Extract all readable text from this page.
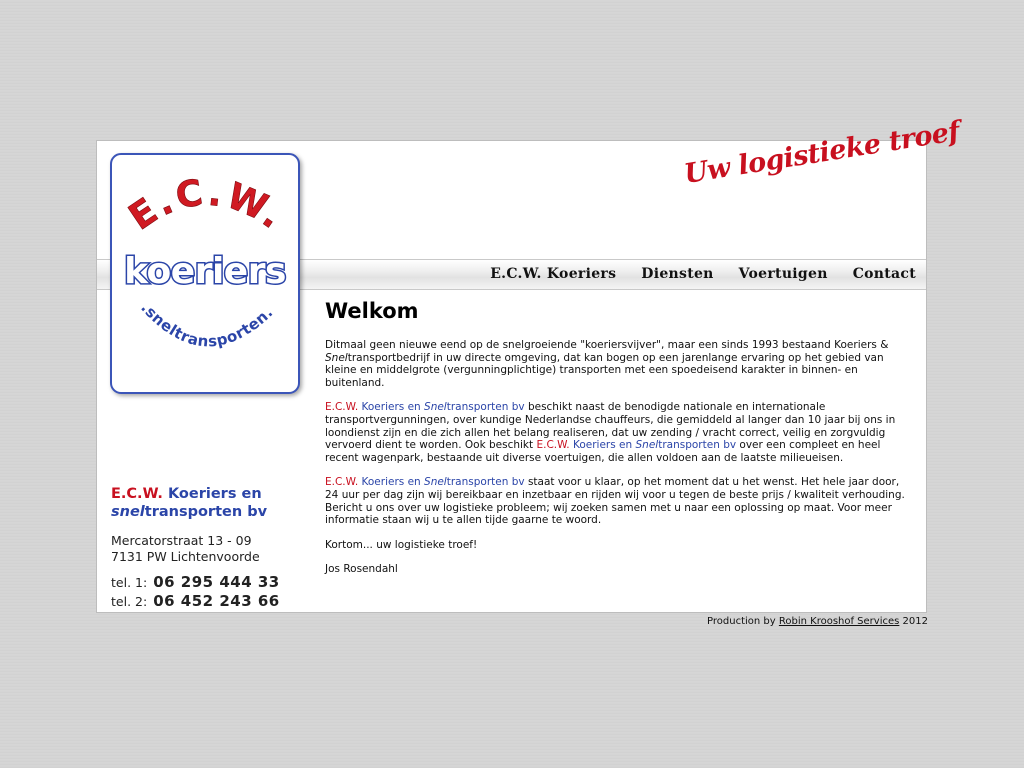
E.C.W.
koeriers
.sneltransporten.
Uw logistieke troef
E.C.W. Koeriers Diensten Voertuigen Contact
Welkom

Ditmaal geen nieuwe eend op de snelgroeiende "koeriersvijver", maar een sinds 1993 bestaand Koeriers & Sneltransportbedrijf in uw directe omgeving, dat kan bogen op een jarenlange ervaring op het gebied van kleine en middelgrote (vergunningplichtige) transporten met een spoedeisend karakter in binnen- en buitenland.

E.C.W. Koeriers en Sneltransporten bv beschikt naast de benodigde nationale en internationale transportvergunningen, over kundige Nederlandse chauffeurs, die gemiddeld al langer dan 10 jaar bij ons in loondienst zijn en die zich allen het belang realiseren, dat uw zending / vracht correct, veilig en zorgvuldig vervoerd dient te worden. Ook beschikt E.C.W. Koeriers en Sneltransporten bv over een compleet en heel recent wagenpark, bestaande uit diverse voertuigen, die allen voldoen aan de laatste milieueisen.

E.C.W. Koeriers en Sneltransporten bv staat voor u klaar, op het moment dat u het wenst. Het hele jaar door, 24 uur per dag zijn wij bereikbaar en inzetbaar en rijden wij voor u tegen de beste prijs / kwaliteit verhouding. Bericht u ons over uw logistieke probleem; wij zoeken samen met u naar een oplossing op maat. Voor meer informatie staan wij u te allen tijde gaarne te woord.

Kortom... uw logistieke troef!

Jos Rosendahl

E.C.W. Koeriers en
sneltransporten bv
Mercatorstraat 13 - 09
7131 PW Lichtenvoorde
tel. 1: 06 295 444 33
tel. 2: 06 452 243 66
Production by Robin Krooshof Services 2012
